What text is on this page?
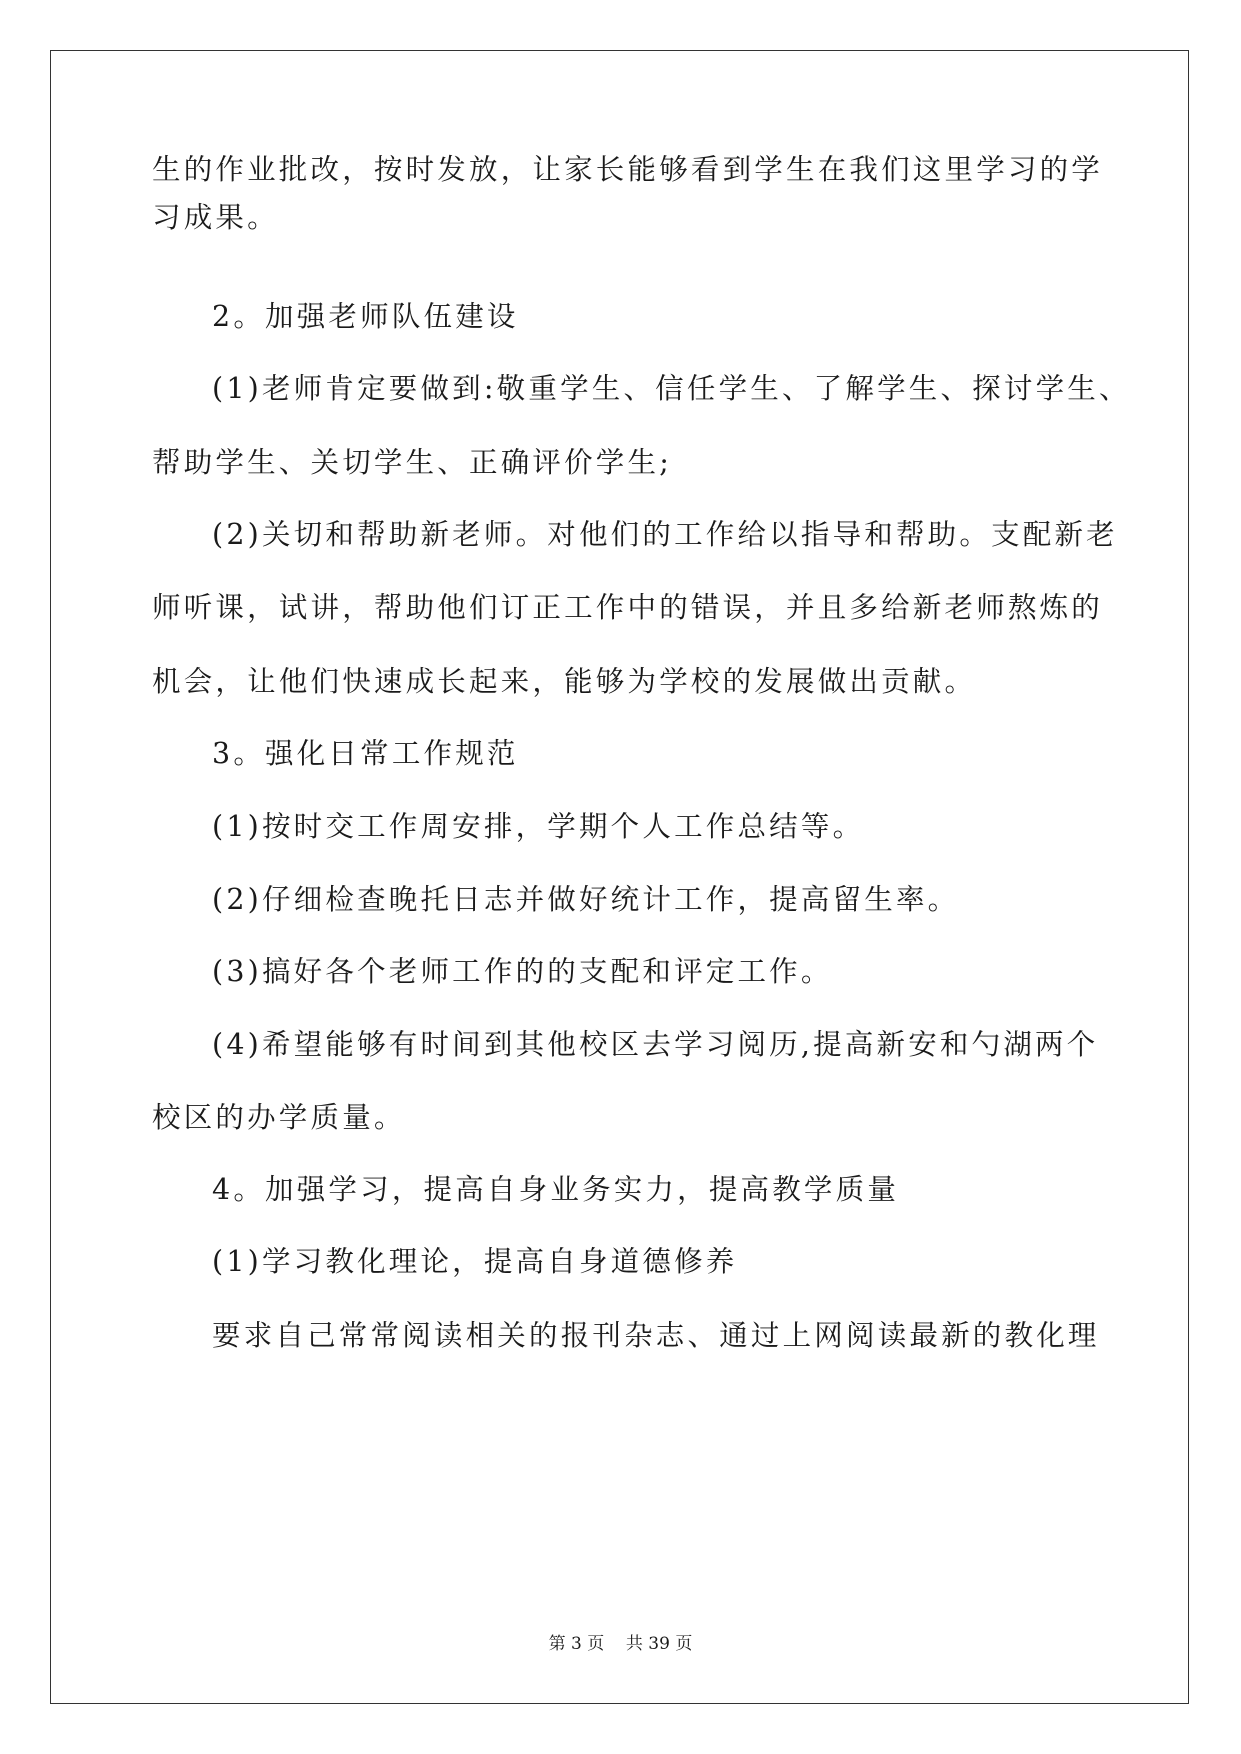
生的作业批改，按时发放，让家长能够看到学生在我们这里学习的学
习成果。
2。加强老师队伍建设
(1)老师肯定要做到:敬重学生、信任学生、了解学生、探讨学生、
帮助学生、关切学生、正确评价学生;
(2)关切和帮助新老师。对他们的工作给以指导和帮助。支配新老
师听课，试讲，帮助他们订正工作中的错误，并且多给新老师熬炼的
机会，让他们快速成长起来，能够为学校的发展做出贡献。
3。强化日常工作规范
(1)按时交工作周安排，学期个人工作总结等。
(2)仔细检查晚托日志并做好统计工作，提高留生率。
(3)搞好各个老师工作的的支配和评定工作。
(4)希望能够有时间到其他校区去学习阅历,提高新安和勺湖两个
校区的办学质量。
4。加强学习，提高自身业务实力，提高教学质量
(1)学习教化理论，提高自身道德修养
要求自己常常阅读相关的报刊杂志、通过上网阅读最新的教化理
第 3 页    共 39 页
